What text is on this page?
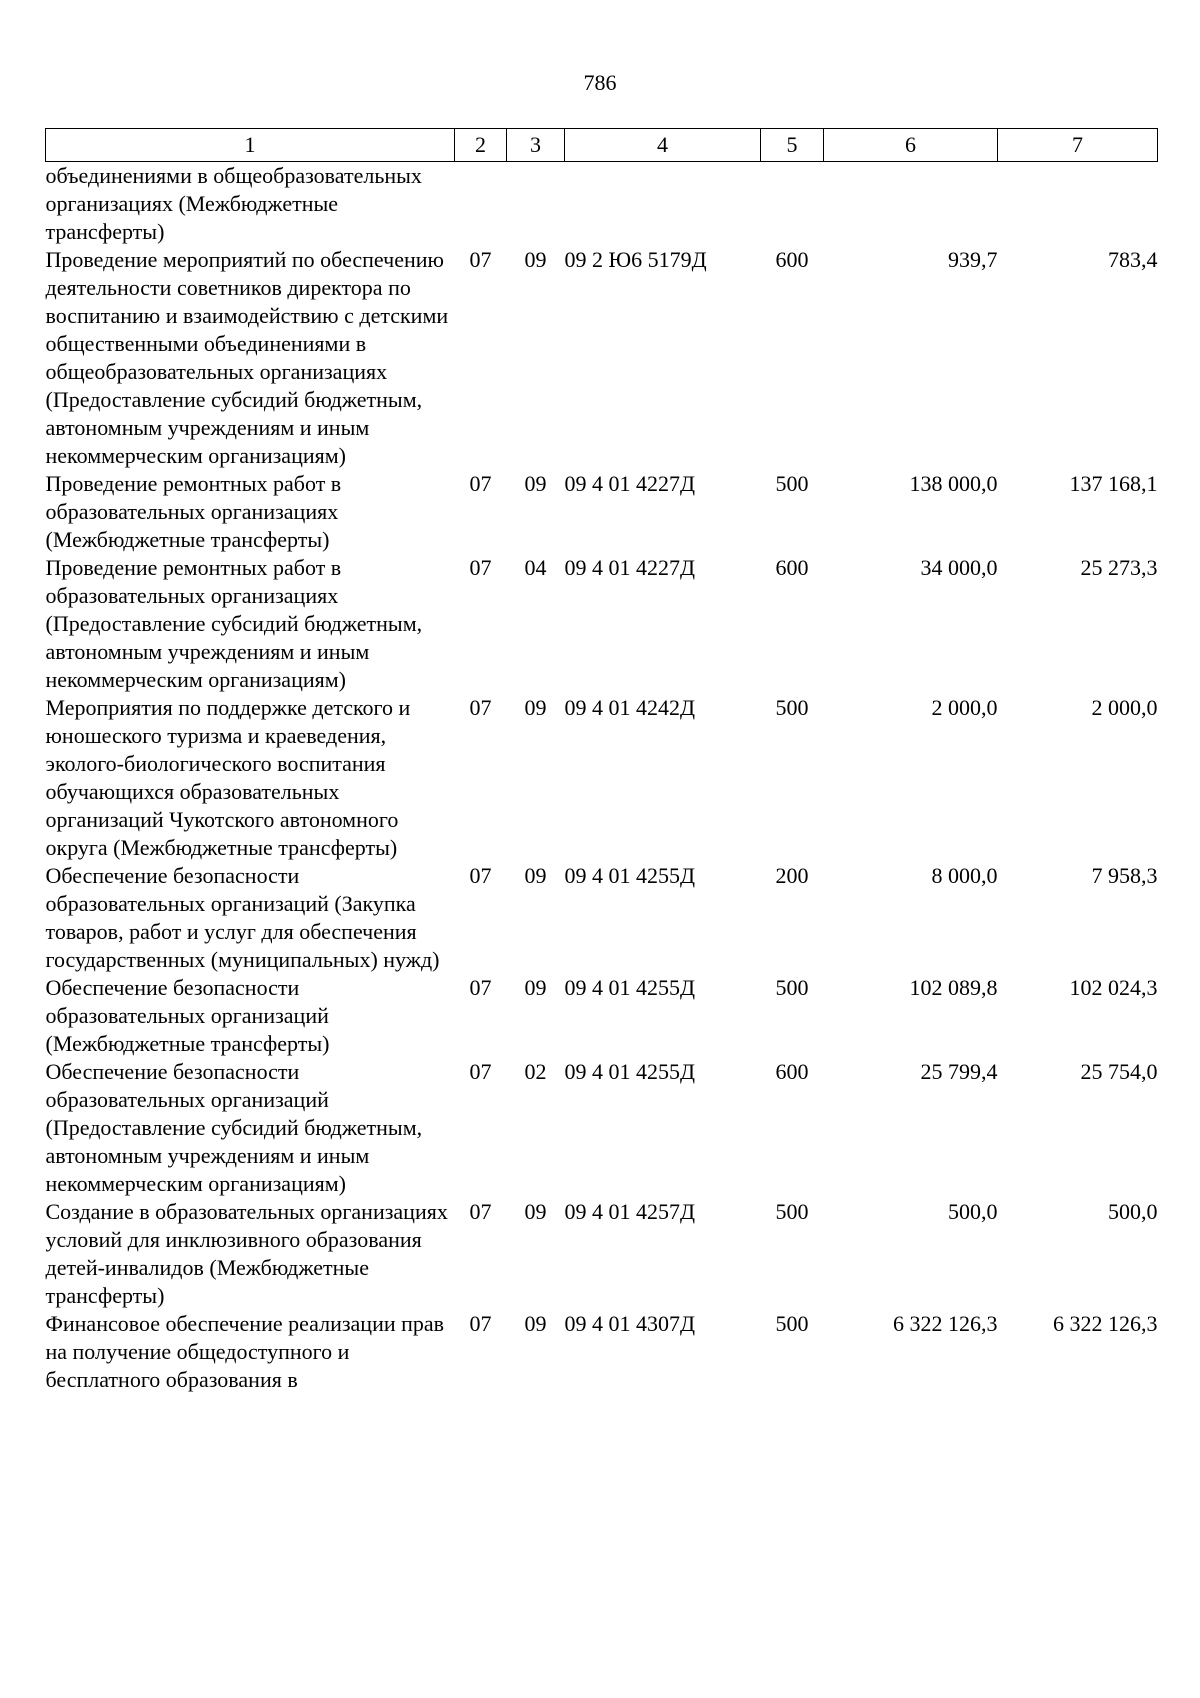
786
1	2	3	4	5	6	7
объединениями в общеобразовательных организациях (Межбюджетные трансферты)						
Проведение мероприятий по обеспечению деятельности советников директора по воспитанию и взаимодействию с детскими общественными объединениями в общеобразовательных организациях (Предоставление субсидий бюджетным, автономным учреждениям и иным некоммерческим организациям)	07	09	09 2 Ю6 5179Д	600	939,7	783,4
Проведение ремонтных работ в образовательных организациях (Межбюджетные трансферты)	07	09	09 4 01 4227Д	500	138 000,0	137 168,1
Проведение ремонтных работ в образовательных организациях (Предоставление субсидий бюджетным, автономным учреждениям и иным некоммерческим организациям)	07	04	09 4 01 4227Д	600	34 000,0	25 273,3
Мероприятия по поддержке детского и юношеского туризма и краеведения, эколого-биологического воспитания обучающихся образовательных организаций Чукотского автономного округа (Межбюджетные трансферты)	07	09	09 4 01 4242Д	500	2 000,0	2 000,0
Обеспечение безопасности образовательных организаций (Закупка товаров, работ и услуг для обеспечения государственных (муниципальных) нужд)	07	09	09 4 01 4255Д	200	8 000,0	7 958,3
Обеспечение безопасности образовательных организаций (Межбюджетные трансферты)	07	09	09 4 01 4255Д	500	102 089,8	102 024,3
Обеспечение безопасности образовательных организаций (Предоставление субсидий бюджетным, автономным учреждениям и иным некоммерческим организациям)	07	02	09 4 01 4255Д	600	25 799,4	25 754,0
Создание в образовательных организациях условий для инклюзивного образования детей-инвалидов (Межбюджетные трансферты)	07	09	09 4 01 4257Д	500	500,0	500,0
Финансовое обеспечение реализации прав на получение общедоступного и бесплатного образования в	07	09	09 4 01 4307Д	500	6 322 126,3	6 322 126,3
